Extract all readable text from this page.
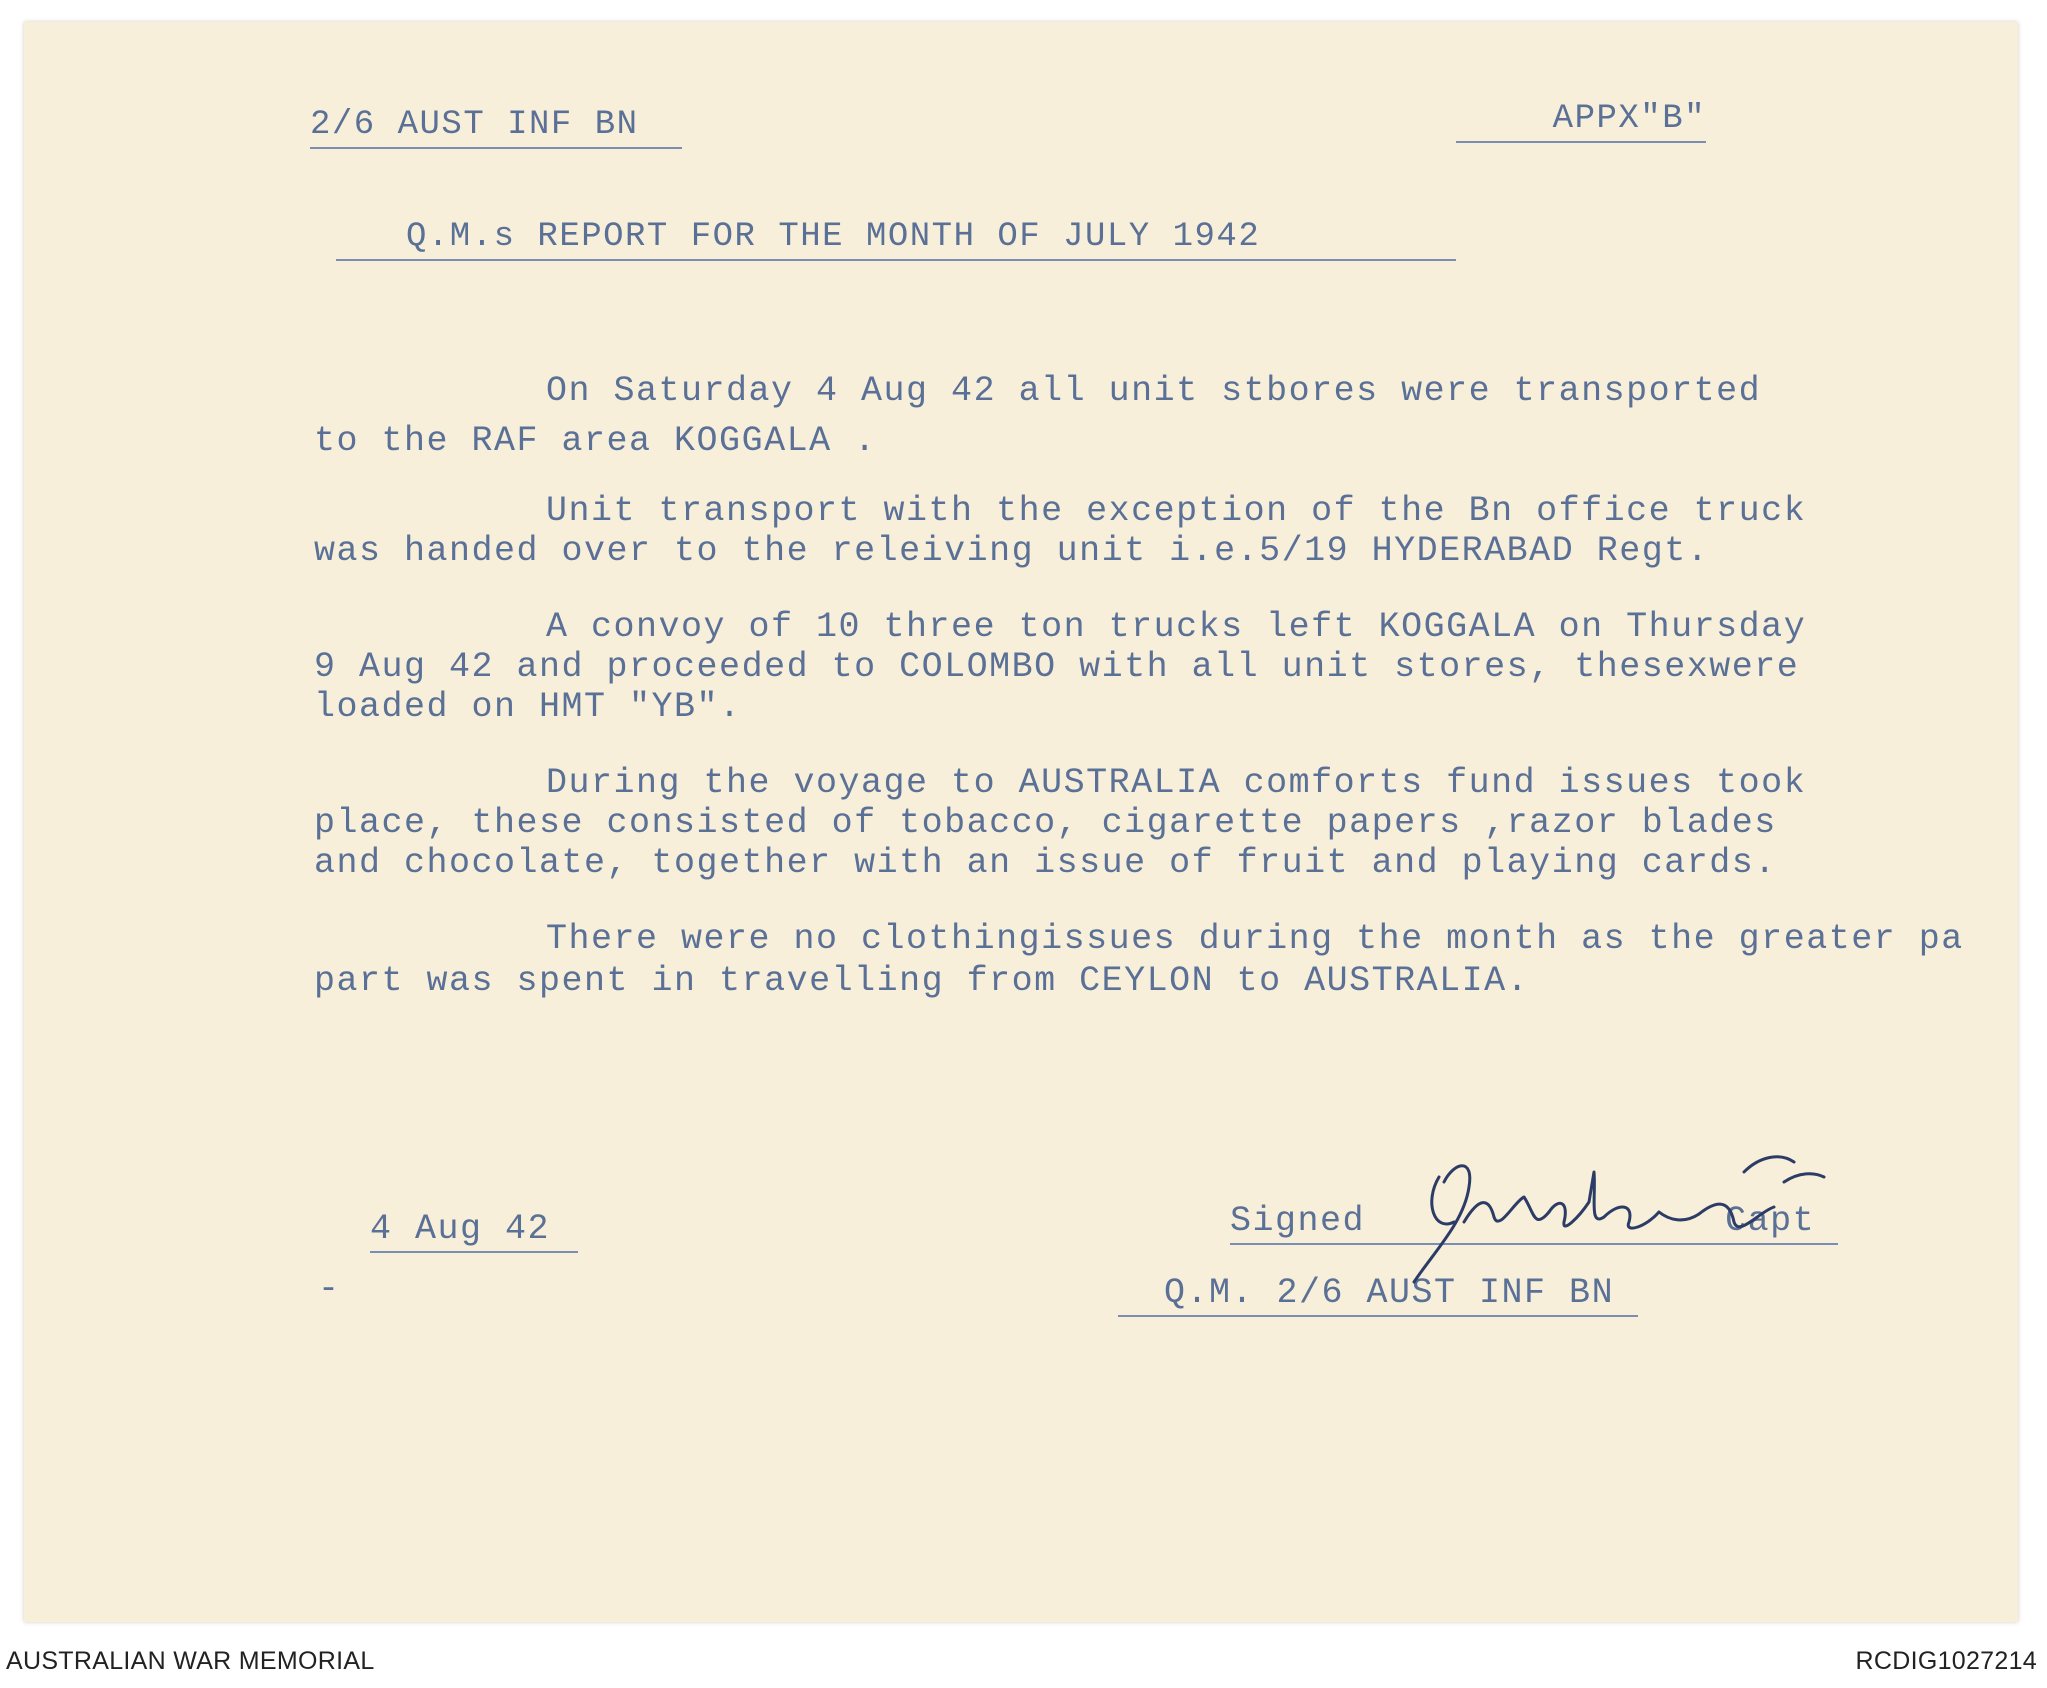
2/6 AUST INF BN	APPX"B"
Q.M.s REPORT FOR THE MONTH OF JULY 1942
On Saturday 4 Aug 42 all unit stbores were transported
to the RAF area KOGGALA .
Unit transport with the exception of the Bn office truck
was handed over to the releiving unit i.e.5/19 HYDERABAD Regt.
A convoy of 10 three ton trucks left KOGGALA on Thursday
9 Aug 42 and proceeded to COLOMBO with all unit stores, thesexwere
loaded on HMT "YB".
During the voyage to AUSTRALIA comforts fund issues took
place, these consisted of tobacco, cigarette papers ,razor blades
and chocolate, together with an issue of fruit and playing cards.
There were no clothingissues during the month as the greater pa
part was spent in travelling from CEYLON to AUSTRALIA.
4 Aug 42
-
Signed                Capt
Q.M. 2/6 AUST INF BN
AUSTRALIAN WAR MEMORIAL	RCDIG1027214
